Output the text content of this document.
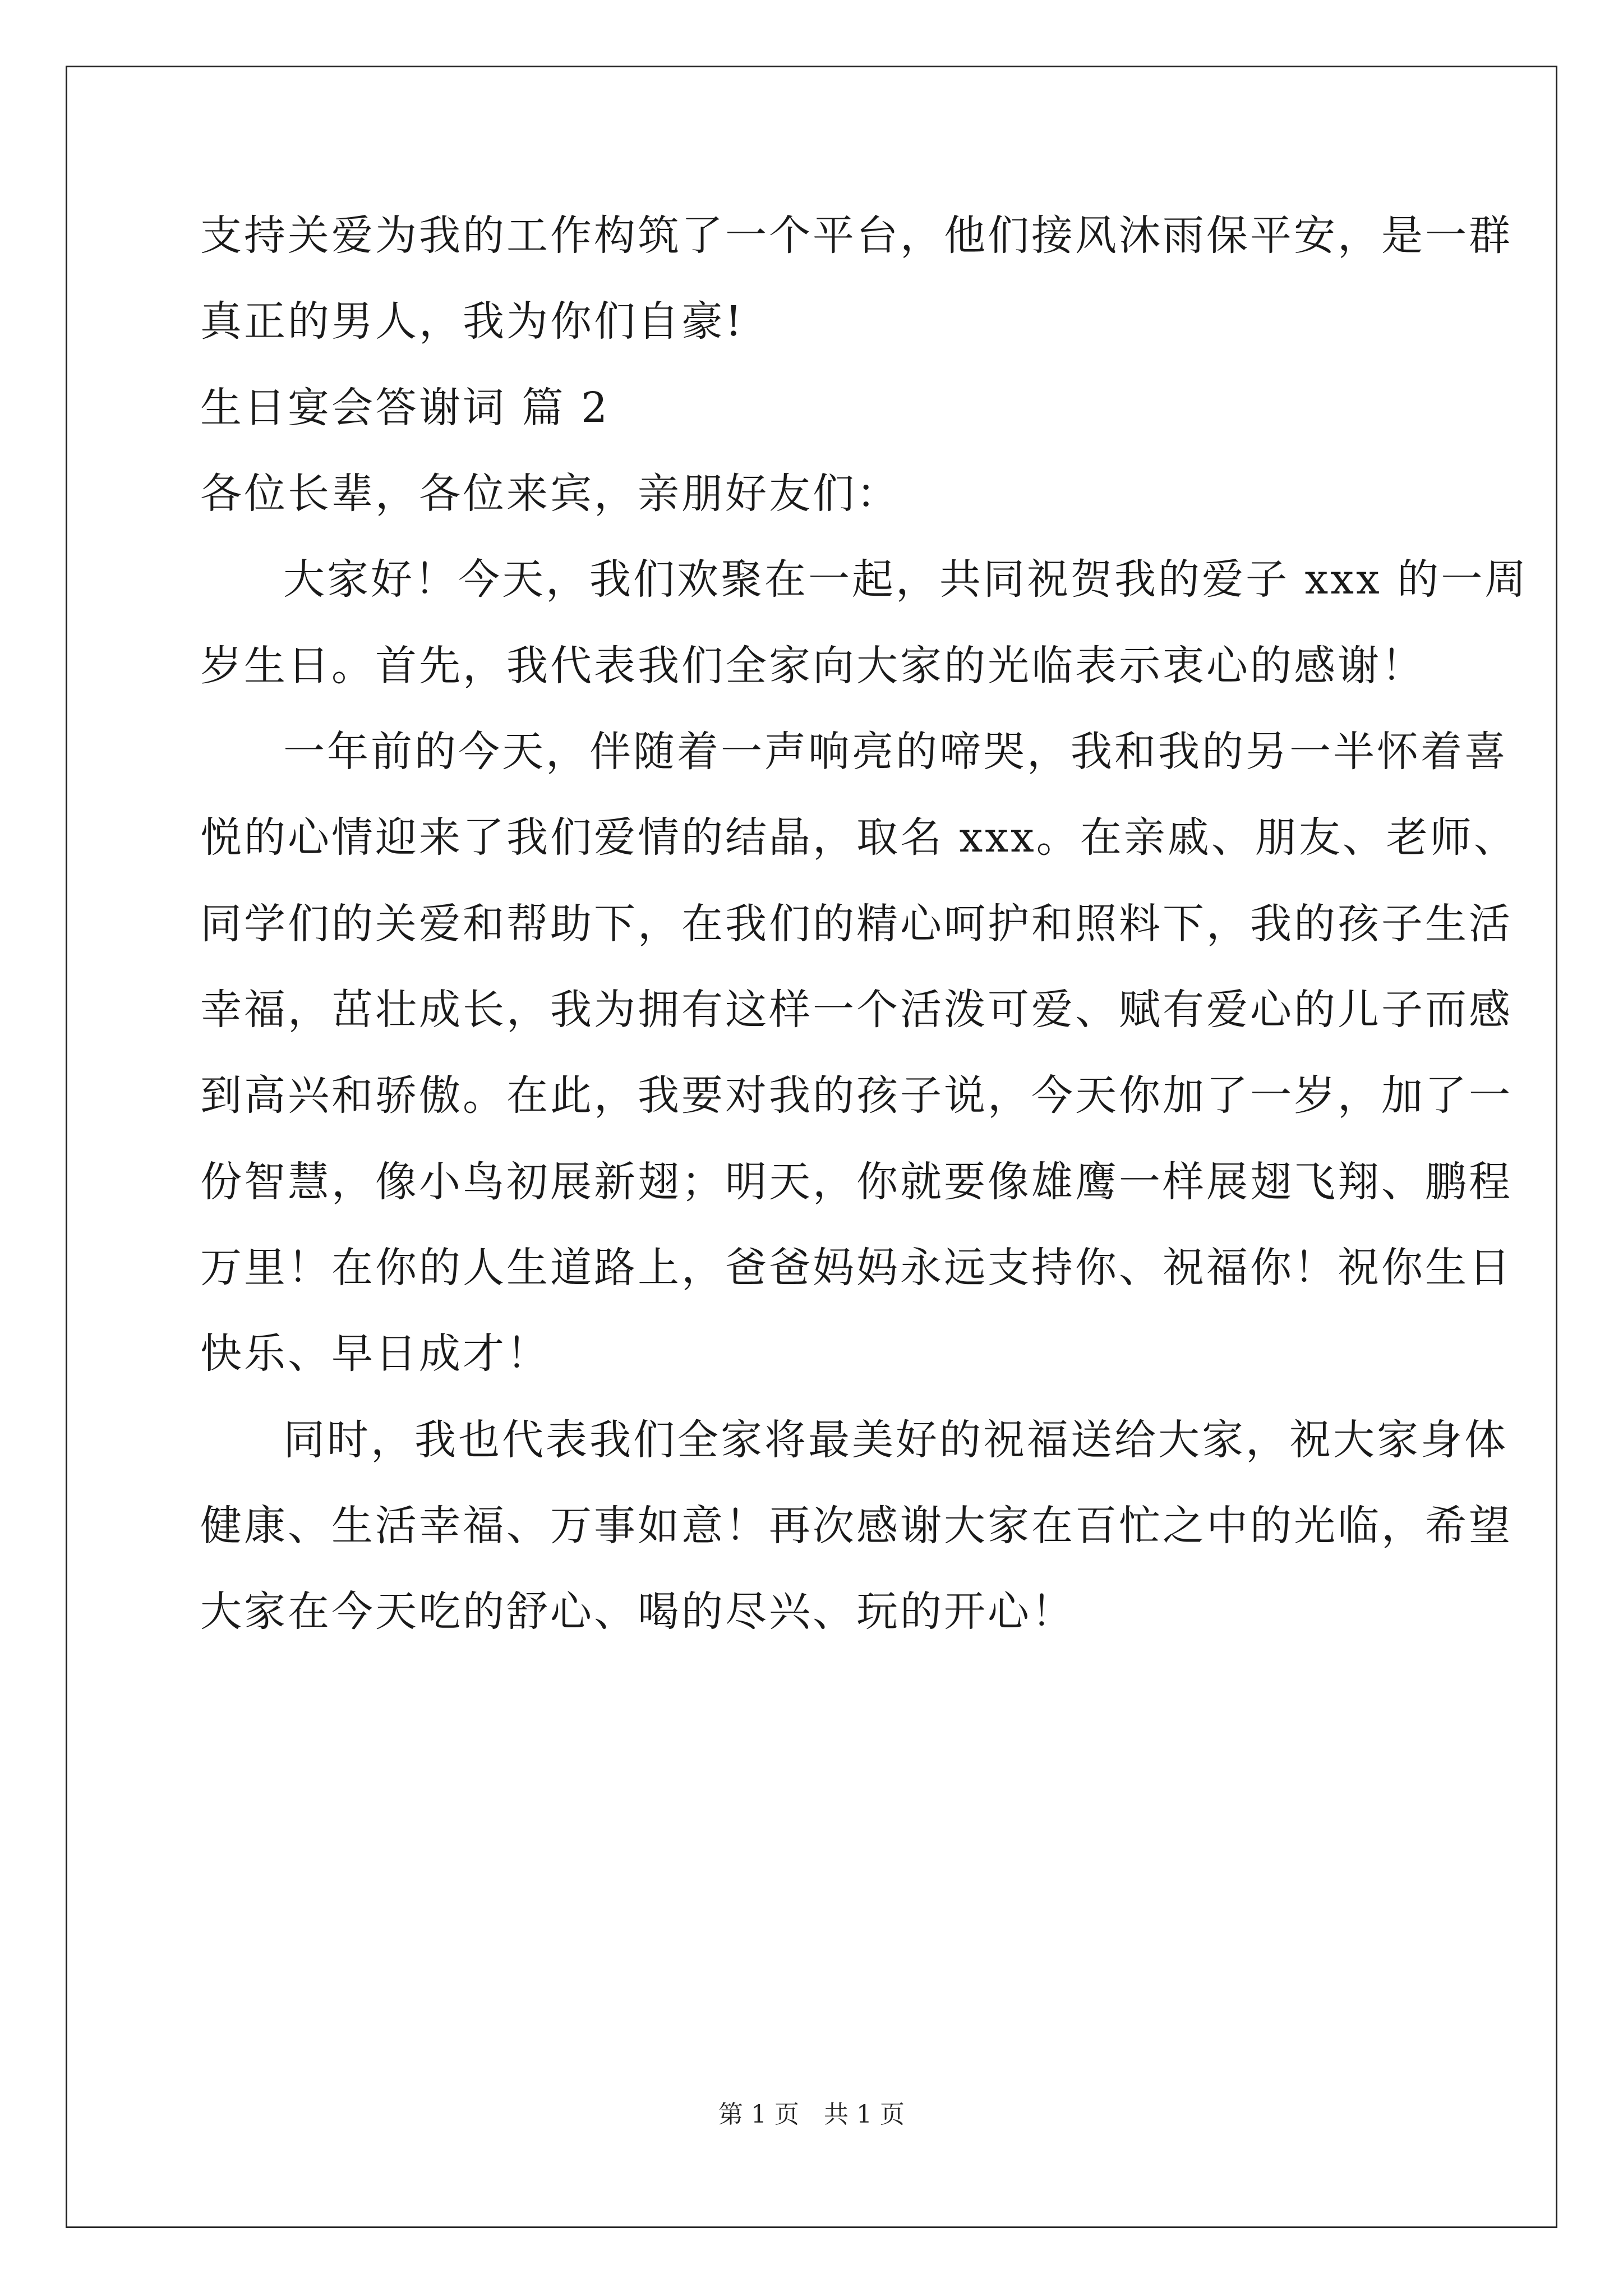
支持关爱为我的工作构筑了一个平台，他们接风沐雨保平安，是一群
真正的男人，我为你们自豪!
生日宴会答谢词 篇 2
各位长辈，各位来宾，亲朋好友们：
大家好！今天，我们欢聚在一起，共同祝贺我的爱子 xxx 的一周
岁生日。首先，我代表我们全家向大家的光临表示衷心的感谢！
一年前的今天，伴随着一声响亮的啼哭，我和我的另一半怀着喜
悦的心情迎来了我们爱情的结晶，取名 xxx。在亲戚、朋友、老师、
同学们的关爱和帮助下，在我们的精心呵护和照料下，我的孩子生活
幸福，茁壮成长，我为拥有这样一个活泼可爱、赋有爱心的儿子而感
到高兴和骄傲。在此，我要对我的孩子说，今天你加了一岁，加了一
份智慧，像小鸟初展新翅；明天，你就要像雄鹰一样展翅飞翔、鹏程
万里！在你的人生道路上，爸爸妈妈永远支持你、祝福你！祝你生日
快乐、早日成才！
同时，我也代表我们全家将最美好的祝福送给大家，祝大家身体
健康、生活幸福、万事如意！再次感谢大家在百忙之中的光临，希望
大家在今天吃的舒心、喝的尽兴、玩的开心！
第 1 页　共 1 页
